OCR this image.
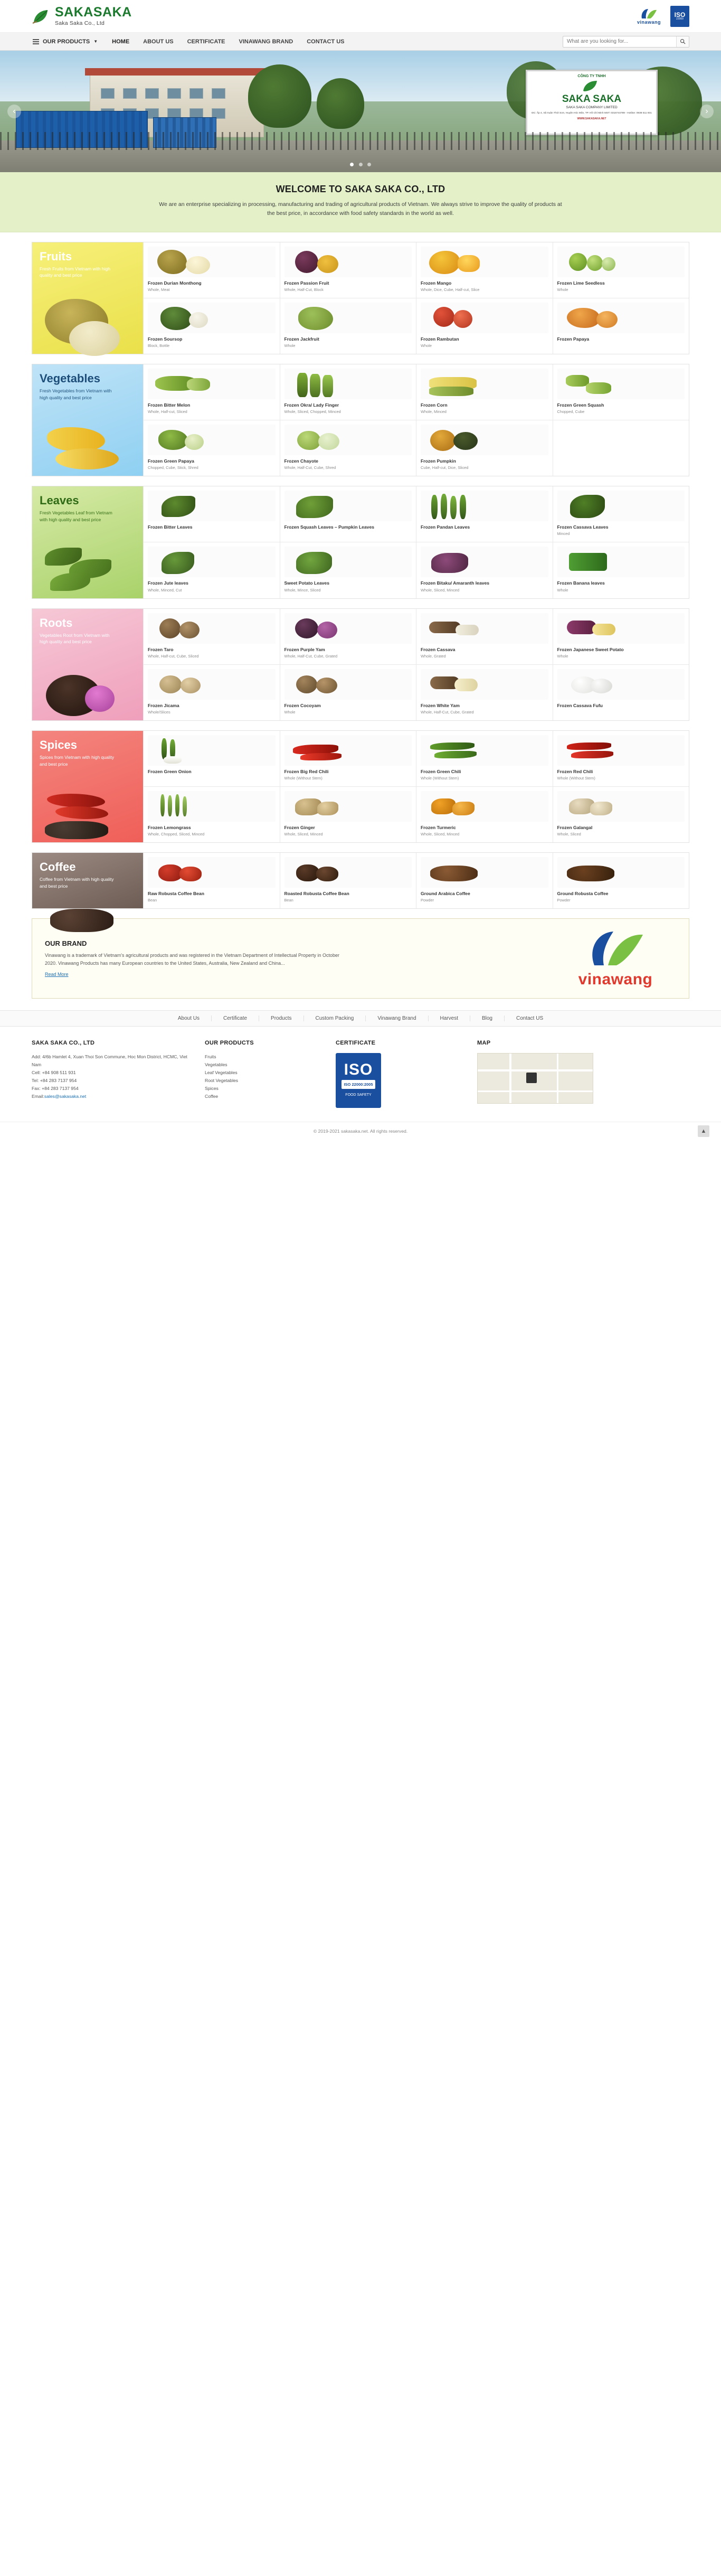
SAKASAKA
Saka Saka Co., Ltd	vinawang
ISO
22000
OUR PRODUCTS ▼	HOME	ABOUT US	CERTIFICATE	VINAWANG BRAND	CONTACT US
What are you looking for...
CÔNG TY TNHH
SAKA SAKA
SAKA SAKA COMPANY LIMITED
ĐC: Ấp 4, Xã Xuân Thới Sơn, Huyện Hóc Môn, TP. Hồ Chí Minh MST: 0316744789 - Hotline: 0938 511 931
WWW.SAKASAKA.NET
‹	›

WELCOME TO SAKA SAKA CO., LTD

We are an enterprise specializing in processing, manufacturing and trading of agricultural products of Vietnam. We always strive to improve the quality of products at the best price, in accordance with food safety standards in the world as well.

Fruits

Fresh Fruits from Vietnam with high quality and best price

Frozen Durian Monthong
Whole, Meat
Frozen Passion Fruit
Whole, Half-Cut, Block
Frozen Mango
Whole, Dice, Cube, Half-cut, Slice
Frozen Lime Seedless
Whole
Frozen Soursop
Block, Bottle
Frozen Jackfruit
Whole
Frozen Rambutan
Whole
Frozen Papaya
Vegetables

Fresh Vegetables from Vietnam with high quality and best price

Frozen Bitter Melon
Whole, Half-cut, Sliced
Frozen Okra/ Lady Finger
Whole, Sliced, Chopped, Minced
Frozen Corn
Whole, Minced
Frozen Green Squash
Chopped, Cube
Frozen Green Papaya
Chopped, Cube, Stick, Shred
Frozen Chayote
Whole, Half-Cut, Cube, Shred
Frozen Pumpkin
Cube, Half-cut, Dice, Sliced
Leaves

Fresh Vegetables Leaf from Vietnam with high quality and best price

Frozen Bitter Leaves	Frozen Squash Leaves – Pumpkin Leaves	Frozen Pandan Leaves	Frozen Cassava Leaves
Minced
Frozen Jute leaves
Whole, Minced, Cut
Sweet Potato Leaves
Whole, Mince, Sliced
Frozen Bitaku/ Amaranth leaves
Whole, Sliced, Minced
Frozen Banana leaves
Whole
Roots

Vegetables Root from Vietnam with high quality and best price

Frozen Taro
Whole, Half-cut, Cube, Sliced
Frozen Purple Yam
Whole, Half-Cut, Cube, Grated
Frozen Cassava
Whole, Grated
Frozen Japanese Sweet Potato
Whole
Frozen Jicama
Whole/Slices
Frozen Cocoyam
Whole
Frozen White Yam
Whole, Half-Cut, Cube, Grated
Frozen Cassava Fufu
Spices

Spices from Vietnam with high quality and best price

Frozen Green Onion	Frozen Big Red Chili
Whole (Without Stem)
Frozen Green Chili
Whole (Without Stem)
Frozen Red Chili
Whole (Without Stem)
Frozen Lemongrass
Whole, Chopped, Sliced, Minced
Frozen Ginger
Whole, Sliced, Minced
Frozen Turmeric
Whole, Sliced, Minced
Frozen Galangal
Whole, Sliced
Coffee

Coffee from Vietnam with high quality and best price

Raw Robusta Coffee Bean
Bean
Roasted Robusta Coffee Bean
Bean
Ground Arabica Coffee
Powder
Ground Robusta Coffee
Powder
OUR BRAND

Vinawang is a trademark of Vietnam's agricultural products and was registered in the Vietnam Department of Intellectual Property in October 2020. Vinawang Products has many European countries to the United States, Australia, New Zealand and China...

Read More	vinawang
About Us	Certificate	Products	Custom Packing	Vinawang Brand	Harvest	Blog	Contact US
SAKA SAKA CO., LTD
Add: 4/6b Hamlet 4, Xuan Thoi Son Commune, Hoc Mon District, HCMC, Viet Nam
Cell: +84 908 511 931
Tel: +84 283 7137 954
Fax: +84 283 7137 954
Email:sales@sakasaka.net
OUR PRODUCTS
Fruits
Vegetables
Leaf Vegetables
Root Vegetables
Spices
Coffee
CERTIFICATE
ISO
ISO 22000:2005
FOOD SAFETY
MAP
© 2019-2021 sakasaka.net. All rights reserved.	▲
